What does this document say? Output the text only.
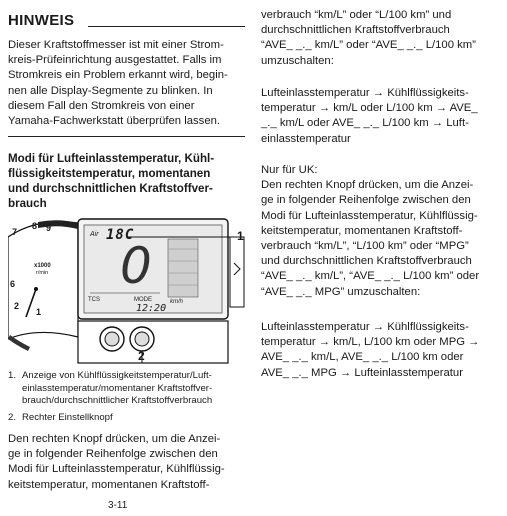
HINWEIS

Dieser Kraftstoffmesser ist mit einer Strom-

kreis-Prüfeinrichtung ausgestattet. Falls im

Stromkreis ein Problem erkannt wird, begin-

nen alle Display-Segmente zu blinken. In

diesem Fall den Stromkreis von einer

Yamaha-Fachwerkstatt überprüfen lassen.

Modi für Lufteinlasstemperatur, Kühl-

flüssigkeitstemperatur, momentanen

und durchschnittlichen Kraftstoffver-

brauch

7
8 9
6
2
1
x1000
r/min
Air 18C
0
km/h
TCS	MODE
12:20
1
2
1. Anzeige von Kühlflüssigkeitstemperatur/Luft-

einlasstemperatur/momentaner Kraftstoffver-

brauch/durchschnittlicher Kraftstoffverbrauch

2. Rechter Einstellknopf

Den rechten Knopf drücken, um die Anzei-

ge in folgender Reihenfolge zwischen den

Modi für Lufteinlasstemperatur, Kühlflüssig-

keitstemperatur, momentanen Kraftstoff-

3-11

verbrauch “km/L” oder “L/100 km” und

durchschnittlichen Kraftstoffverbrauch

“AVE_ _._ km/L” oder “AVE_ _._ L/100 km”

umzuschalten:

Lufteinlasstemperatur → Kühlflüssigkeits-

temperatur → km/L oder L/100 km → AVE_

_._ km/L oder AVE_ _._ L/100 km → Luft-

einlasstemperatur

Nur für UK:

Den rechten Knopf drücken, um die Anzei-

ge in folgender Reihenfolge zwischen den

Modi für Lufteinlasstemperatur, Kühlflüssig-

keitstemperatur, momentanen Kraftstoff-

verbrauch “km/L”, “L/100 km” oder “MPG”

und durchschnittlichen Kraftstoffverbrauch

“AVE_ _._ km/L”, “AVE_ _._ L/100 km” oder

“AVE_ _._ MPG” umzuschalten:

Lufteinlasstemperatur → Kühlflüssigkeits-

temperatur → km/L, L/100 km oder MPG →

AVE_ _._ km/L, AVE_ _._ L/100 km oder

AVE_ _._ MPG → Lufteinlasstemperatur
